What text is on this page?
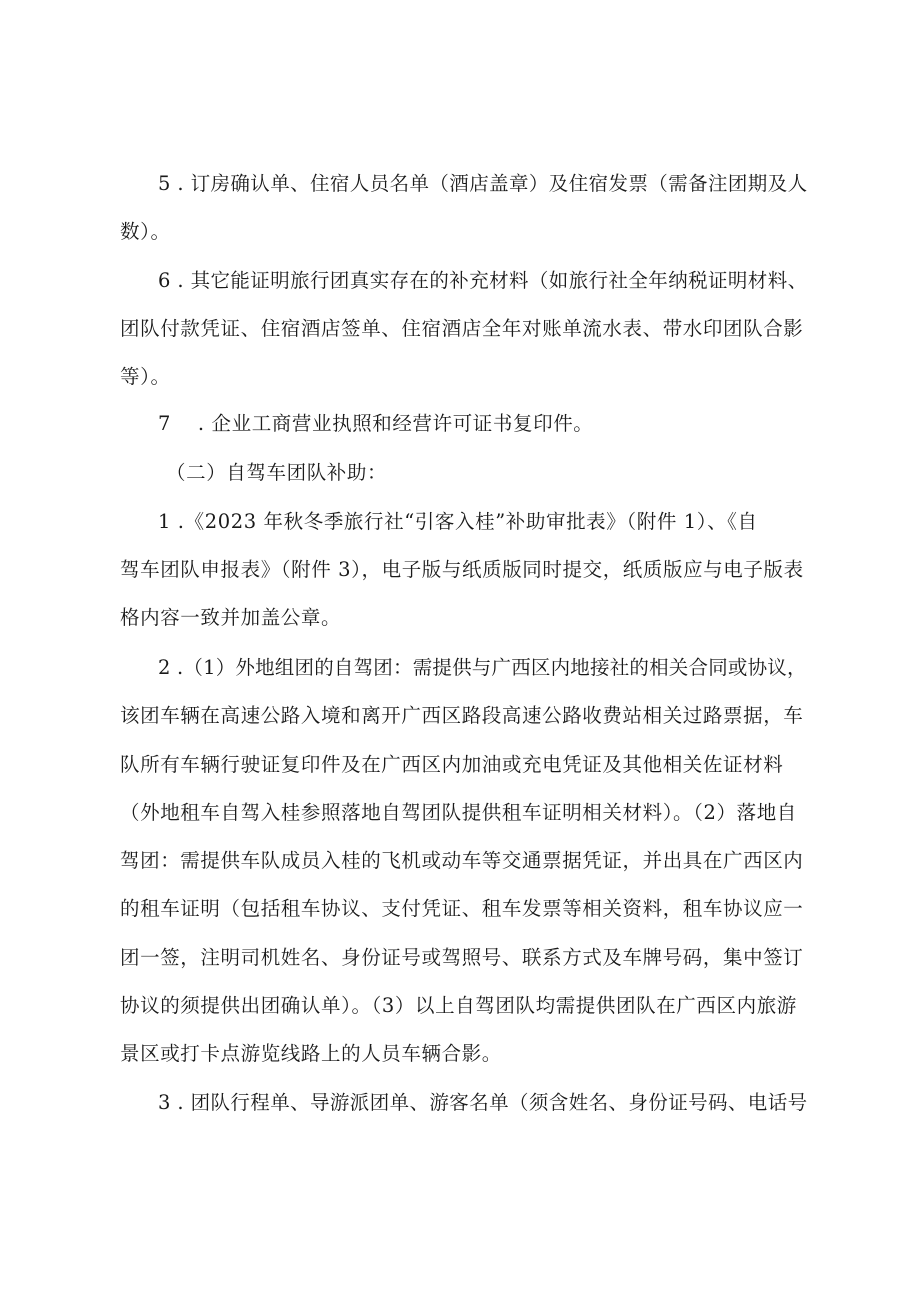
5 . 订房确认单、住宿人员名单（酒店盖章）及住宿发票（需备注团期及人
数）。
6 . 其它能证明旅行团真实存在的补充材料（如旅行社全年纳税证明材料、
团队付款凭证、住宿酒店签单、住宿酒店全年对账单流水表、带水印团队合影
等）。
7　 . 企业工商营业执照和经营许可证书复印件。
（二）自驾车团队补助：
1 .《2023 年秋冬季旅行社“引客入桂”补助审批表》（附件 1）、《自
驾车团队申报表》（附件 3），电子版与纸质版同时提交，纸质版应与电子版表
格内容一致并加盖公章。
2 .（1）外地组团的自驾团：需提供与广西区内地接社的相关合同或协议，
该团车辆在高速公路入境和离开广西区路段高速公路收费站相关过路票据，车
队所有车辆行驶证复印件及在广西区内加油或充电凭证及其他相关佐证材料
（外地租车自驾入桂参照落地自驾团队提供租车证明相关材料）。（2）落地自
驾团：需提供车队成员入桂的飞机或动车等交通票据凭证，并出具在广西区内
的租车证明（包括租车协议、支付凭证、租车发票等相关资料，租车协议应一
团一签，注明司机姓名、身份证号或驾照号、联系方式及车牌号码，集中签订
协议的须提供出团确认单）。（3）以上自驾团队均需提供团队在广西区内旅游
景区或打卡点游览线路上的人员车辆合影。
3 . 团队行程单、导游派团单、游客名单（须含姓名、身份证号码、电话号
